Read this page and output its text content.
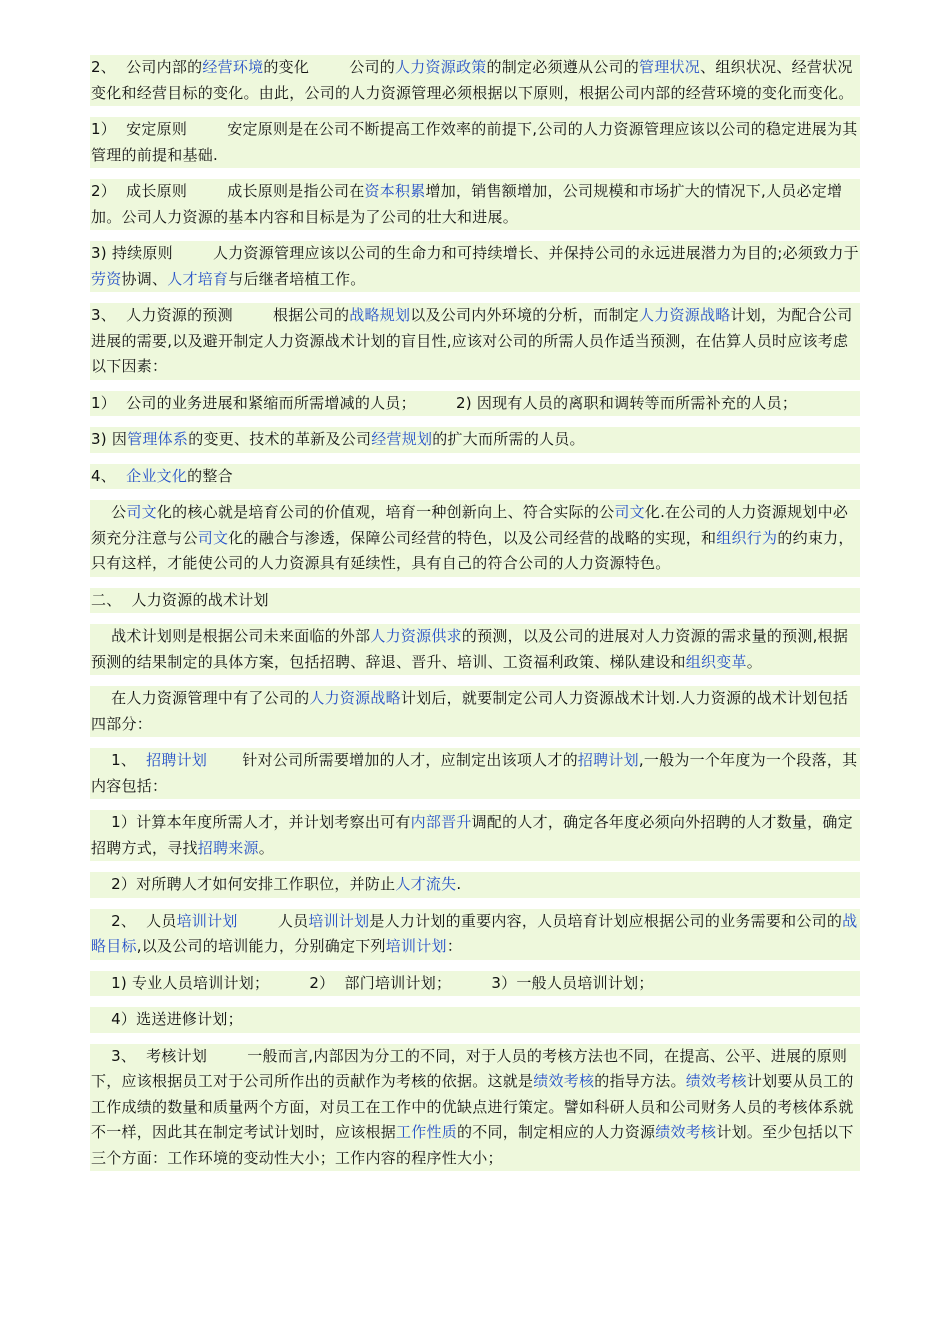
2、  公司内部的经营环境的变化        公司的人力资源政策的制定必须遵从公司的管理状况、组织状况、经营状况变化和经营目标的变化。由此，公司的人力资源管理必须根据以下原则，根据公司内部的经营环境的变化而变化。

1）  安定原则        安定原则是在公司不断提高工作效率的前提下,公司的人力资源管理应该以公司的稳定进展为其管理的前提和基础.

2）  成长原则        成长原则是指公司在资本积累增加，销售额增加，公司规模和市场扩大的情况下,人员必定增加。公司人力资源的基本内容和目标是为了公司的壮大和进展。

3) 持续原则        人力资源管理应该以公司的生命力和可持续增长、并保持公司的永远进展潜力为目的;必须致力于劳资协调、人才培育与后继者培植工作。

3、  人力资源的预测        根据公司的战略规划以及公司内外环境的分析，而制定人力资源战略计划，为配合公司进展的需要,以及避开制定人力资源战术计划的盲目性,应该对公司的所需人员作适当预测，在估算人员时应该考虑以下因素：

1）  公司的业务进展和紧缩而所需增减的人员；        2) 因现有人员的离职和调转等而所需补充的人员；

3) 因管理体系的变更、技术的革新及公司经营规划的扩大而所需的人员。

4、  企业文化的整合

公司文化的核心就是培育公司的价值观，培育一种创新向上、符合实际的公司文化.在公司的人力资源规划中必须充分注意与公司文化的融合与渗透，保障公司经营的特色，以及公司经营的战略的实现，和组织行为的约束力，只有这样，才能使公司的人力资源具有延续性，具有自己的符合公司的人力资源特色。

二、  人力资源的战术计划

战术计划则是根据公司未来面临的外部人力资源供求的预测，以及公司的进展对人力资源的需求量的预测,根据预测的结果制定的具体方案，包括招聘、辞退、晋升、培训、工资福利政策、梯队建设和组织变革。

在人力资源管理中有了公司的人力资源战略计划后，就要制定公司人力资源战术计划.人力资源的战术计划包括四部分：

1、  招聘计划       针对公司所需要增加的人才，应制定出该项人才的招聘计划,一般为一个年度为一个段落，其内容包括：

1）计算本年度所需人才，并计划考察出可有内部晋升调配的人才，确定各年度必须向外招聘的人才数量，确定招聘方式，寻找招聘来源。

2）对所聘人才如何安排工作职位，并防止人才流失.

2、  人员培训计划        人员培训计划是人力计划的重要内容，人员培育计划应根据公司的业务需要和公司的战略目标,以及公司的培训能力，分别确定下列培训计划：

1) 专业人员培训计划；        2）  部门培训计划；        3）一般人员培训计划；

4）选送进修计划；

3、  考核计划        一般而言,内部因为分工的不同，对于人员的考核方法也不同，在提高、公平、进展的原则下，应该根据员工对于公司所作出的贡献作为考核的依据。这就是绩效考核的指导方法。绩效考核计划要从员工的工作成绩的数量和质量两个方面，对员工在工作中的优缺点进行策定。譬如科研人员和公司财务人员的考核体系就不一样，因此其在制定考试计划时，应该根据工作性质的不同，制定相应的人力资源绩效考核计划。至少包括以下三个方面：工作环境的变动性大小；工作内容的程序性大小；
